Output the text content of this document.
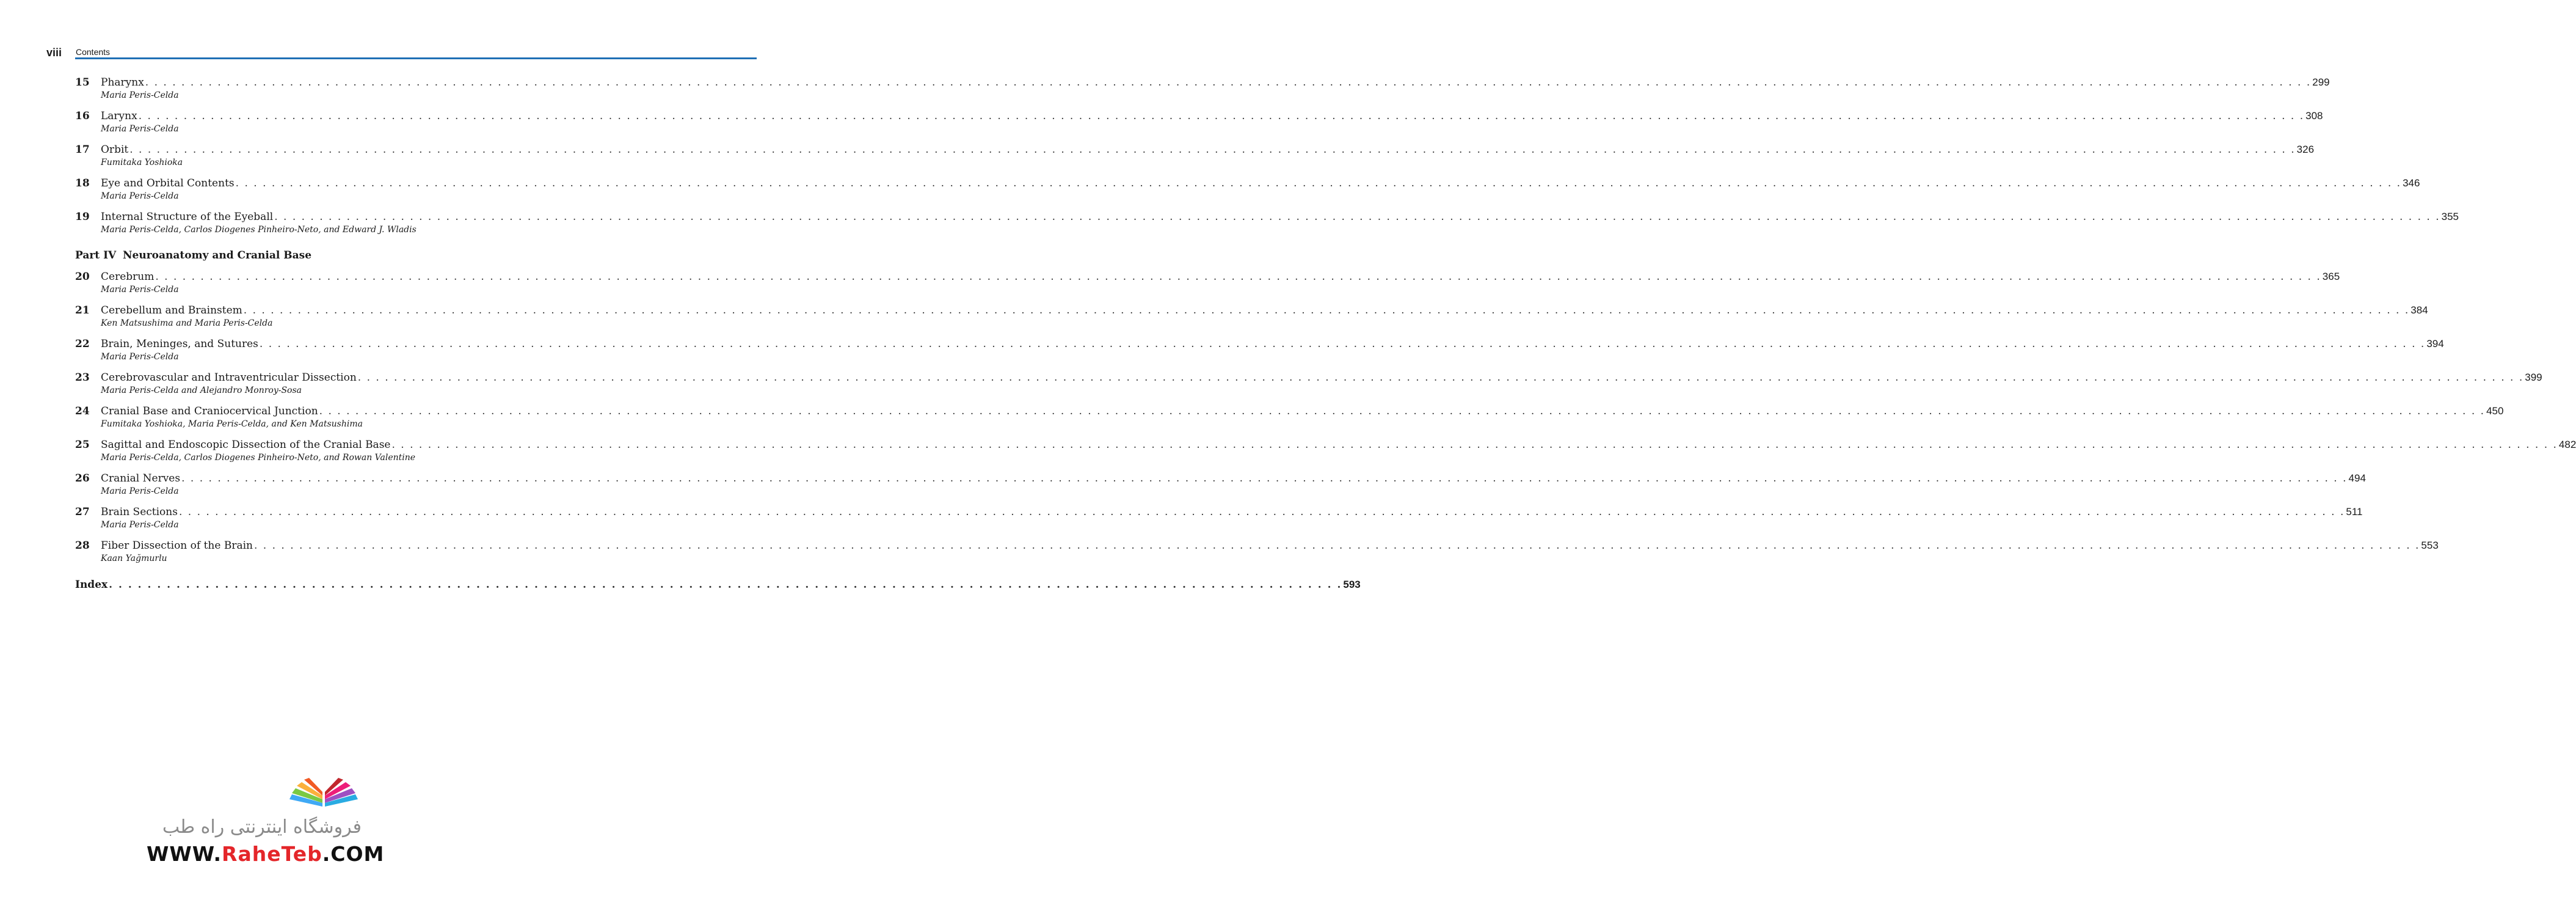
viii Contents
15	Pharynx . . . . . . . . . . . . . . . . . . . . . . . . . . . . . . . . . . . . . . . . . . . . . . . . . . . . . . . . . . . . . . . . . . . . . . . . . . . . . . . . . . . . . . . . . . . . . . . . . . . . . . . . . . . . . . . . . . . . . . . . . . . . . . . . . . . . . . . . . . . . . . . . . . . . . . . . . . . . . . . . . . . . . . . . . . . . . . . . . . . . . . . . . . . . . . . . . . . . . . . . . . . . . . . . . . . . . . . . . . . . . . . . . . . . . . . . . . . . . . . . 299
Maria Peris-Celda
16	Larynx . . . . . . . . . . . . . . . . . . . . . . . . . . . . . . . . . . . . . . . . . . . . . . . . . . . . . . . . . . . . . . . . . . . . . . . . . . . . . . . . . . . . . . . . . . . . . . . . . . . . . . . . . . . . . . . . . . . . . . . . . . . . . . . . . . . . . . . . . . . . . . . . . . . . . . . . . . . . . . . . . . . . . . . . . . . . . . . . . . . . . . . . . . . . . . . . . . . . . . . . . . . . . . . . . . . . . . . . . . . . . . . . . . . . . . . . . . . . . . . . 308
Maria Peris-Celda
17	Orbit . . . . . . . . . . . . . . . . . . . . . . . . . . . . . . . . . . . . . . . . . . . . . . . . . . . . . . . . . . . . . . . . . . . . . . . . . . . . . . . . . . . . . . . . . . . . . . . . . . . . . . . . . . . . . . . . . . . . . . . . . . . . . . . . . . . . . . . . . . . . . . . . . . . . . . . . . . . . . . . . . . . . . . . . . . . . . . . . . . . . . . . . . . . . . . . . . . . . . . . . . . . . . . . . . . . . . . . . . . . . . . . . . . . . . . . . . . . . . . . . 326
Fumitaka Yoshioka
18	Eye and Orbital Contents . . . . . . . . . . . . . . . . . . . . . . . . . . . . . . . . . . . . . . . . . . . . . . . . . . . . . . . . . . . . . . . . . . . . . . . . . . . . . . . . . . . . . . . . . . . . . . . . . . . . . . . . . . . . . . . . . . . . . . . . . . . . . . . . . . . . . . . . . . . . . . . . . . . . . . . . . . . . . . . . . . . . . . . . . . . . . . . . . . . . . . . . . . . . . . . . . . . . . . . . . . . . . . . . . . . . . . . . . . . . . . . . . . . . . . . . . . . . . . . . 346
Maria Peris-Celda
19	Internal Structure of the Eyeball . . . . . . . . . . . . . . . . . . . . . . . . . . . . . . . . . . . . . . . . . . . . . . . . . . . . . . . . . . . . . . . . . . . . . . . . . . . . . . . . . . . . . . . . . . . . . . . . . . . . . . . . . . . . . . . . . . . . . . . . . . . . . . . . . . . . . . . . . . . . . . . . . . . . . . . . . . . . . . . . . . . . . . . . . . . . . . . . . . . . . . . . . . . . . . . . . . . . . . . . . . . . . . . . . . . . . . . . . . . . . . . . . . . . . . . . . . . . . . . . 355
Maria Peris-Celda, Carlos Diogenes Pinheiro-Neto, and Edward J. Wladis
20	Cerebrum . . . . . . . . . . . . . . . . . . . . . . . . . . . . . . . . . . . . . . . . . . . . . . . . . . . . . . . . . . . . . . . . . . . . . . . . . . . . . . . . . . . . . . . . . . . . . . . . . . . . . . . . . . . . . . . . . . . . . . . . . . . . . . . . . . . . . . . . . . . . . . . . . . . . . . . . . . . . . . . . . . . . . . . . . . . . . . . . . . . . . . . . . . . . . . . . . . . . . . . . . . . . . . . . . . . . . . . . . . . . . . . . . . . . . . . . . . . . . . . . 365
Maria Peris-Celda
21	Cerebellum and Brainstem . . . . . . . . . . . . . . . . . . . . . . . . . . . . . . . . . . . . . . . . . . . . . . . . . . . . . . . . . . . . . . . . . . . . . . . . . . . . . . . . . . . . . . . . . . . . . . . . . . . . . . . . . . . . . . . . . . . . . . . . . . . . . . . . . . . . . . . . . . . . . . . . . . . . . . . . . . . . . . . . . . . . . . . . . . . . . . . . . . . . . . . . . . . . . . . . . . . . . . . . . . . . . . . . . . . . . . . . . . . . . . . . . . . . . . . . . . . . . . . . 384
Ken Matsushima and Maria Peris-Celda
22	Brain, Meninges, and Sutures . . . . . . . . . . . . . . . . . . . . . . . . . . . . . . . . . . . . . . . . . . . . . . . . . . . . . . . . . . . . . . . . . . . . . . . . . . . . . . . . . . . . . . . . . . . . . . . . . . . . . . . . . . . . . . . . . . . . . . . . . . . . . . . . . . . . . . . . . . . . . . . . . . . . . . . . . . . . . . . . . . . . . . . . . . . . . . . . . . . . . . . . . . . . . . . . . . . . . . . . . . . . . . . . . . . . . . . . . . . . . . . . . . . . . . . . . . . . . . . . 394
Maria Peris-Celda
23	Cerebrovascular and Intraventricular Dissection . . . . . . . . . . . . . . . . . . . . . . . . . . . . . . . . . . . . . . . . . . . . . . . . . . . . . . . . . . . . . . . . . . . . . . . . . . . . . . . . . . . . . . . . . . . . . . . . . . . . . . . . . . . . . . . . . . . . . . . . . . . . . . . . . . . . . . . . . . . . . . . . . . . . . . . . . . . . . . . . . . . . . . . . . . . . . . . . . . . . . . . . . . . . . . . . . . . . . . . . . . . . . . . . . . . . . . . . . . . . . . . . . . . . . . . . . . . . . . . . 399
Maria Peris-Celda and Alejandro Monroy-Sosa
24	Cranial Base and Craniocervical Junction . . . . . . . . . . . . . . . . . . . . . . . . . . . . . . . . . . . . . . . . . . . . . . . . . . . . . . . . . . . . . . . . . . . . . . . . . . . . . . . . . . . . . . . . . . . . . . . . . . . . . . . . . . . . . . . . . . . . . . . . . . . . . . . . . . . . . . . . . . . . . . . . . . . . . . . . . . . . . . . . . . . . . . . . . . . . . . . . . . . . . . . . . . . . . . . . . . . . . . . . . . . . . . . . . . . . . . . . . . . . . . . . . . . . . . . . . . . . . . . . 450
Fumitaka Yoshioka, Maria Peris-Celda, and Ken Matsushima
25	Sagittal and Endoscopic Dissection of the Cranial Base . . . . . . . . . . . . . . . . . . . . . . . . . . . . . . . . . . . . . . . . . . . . . . . . . . . . . . . . . . . . . . . . . . . . . . . . . . . . . . . . . . . . . . . . . . . . . . . . . . . . . . . . . . . . . . . . . . . . . . . . . . . . . . . . . . . . . . . . . . . . . . . . . . . . . . . . . . . . . . . . . . . . . . . . . . . . . . . . . . . . . . . . . . . . . . . . . . . . . . . . . . . . . . . . . . . . . . . . . . . . . . . . . . . . . . . . . . . . . . . . 482
Maria Peris-Celda, Carlos Diogenes Pinheiro-Neto, and Rowan Valentine
26	Cranial Nerves . . . . . . . . . . . . . . . . . . . . . . . . . . . . . . . . . . . . . . . . . . . . . . . . . . . . . . . . . . . . . . . . . . . . . . . . . . . . . . . . . . . . . . . . . . . . . . . . . . . . . . . . . . . . . . . . . . . . . . . . . . . . . . . . . . . . . . . . . . . . . . . . . . . . . . . . . . . . . . . . . . . . . . . . . . . . . . . . . . . . . . . . . . . . . . . . . . . . . . . . . . . . . . . . . . . . . . . . . . . . . . . . . . . . . . . . . . . . . . . . 494
Maria Peris-Celda
27	Brain Sections . . . . . . . . . . . . . . . . . . . . . . . . . . . . . . . . . . . . . . . . . . . . . . . . . . . . . . . . . . . . . . . . . . . . . . . . . . . . . . . . . . . . . . . . . . . . . . . . . . . . . . . . . . . . . . . . . . . . . . . . . . . . . . . . . . . . . . . . . . . . . . . . . . . . . . . . . . . . . . . . . . . . . . . . . . . . . . . . . . . . . . . . . . . . . . . . . . . . . . . . . . . . . . . . . . . . . . . . . . . . . . . . . . . . . . . . . . . . . . . . 511
Maria Peris-Celda
28	Fiber Dissection of the Brain . . . . . . . . . . . . . . . . . . . . . . . . . . . . . . . . . . . . . . . . . . . . . . . . . . . . . . . . . . . . . . . . . . . . . . . . . . . . . . . . . . . . . . . . . . . . . . . . . . . . . . . . . . . . . . . . . . . . . . . . . . . . . . . . . . . . . . . . . . . . . . . . . . . . . . . . . . . . . . . . . . . . . . . . . . . . . . . . . . . . . . . . . . . . . . . . . . . . . . . . . . . . . . . . . . . . . . . . . . . . . . . . . . . . . . . . . . . . . . . . 553
Kaan Yağmurlu
Part IV Neuroanatomy and Cranial Base
Index . . . . . . . . . . . . . . . . . . . . . . . . . . . . . . . . . . . . . . . . . . . . . . . . . . . . . . . . . . . . . . . . . . . . . . . . . . . . . . . . . . . . . . . . . . . . . . . . . . . . . . . . . . . . . . . . . . . . . . . . . . . . . . . . 593
فروشگاه اینترنتی راه طب
WWW.RaheTeb.COM
